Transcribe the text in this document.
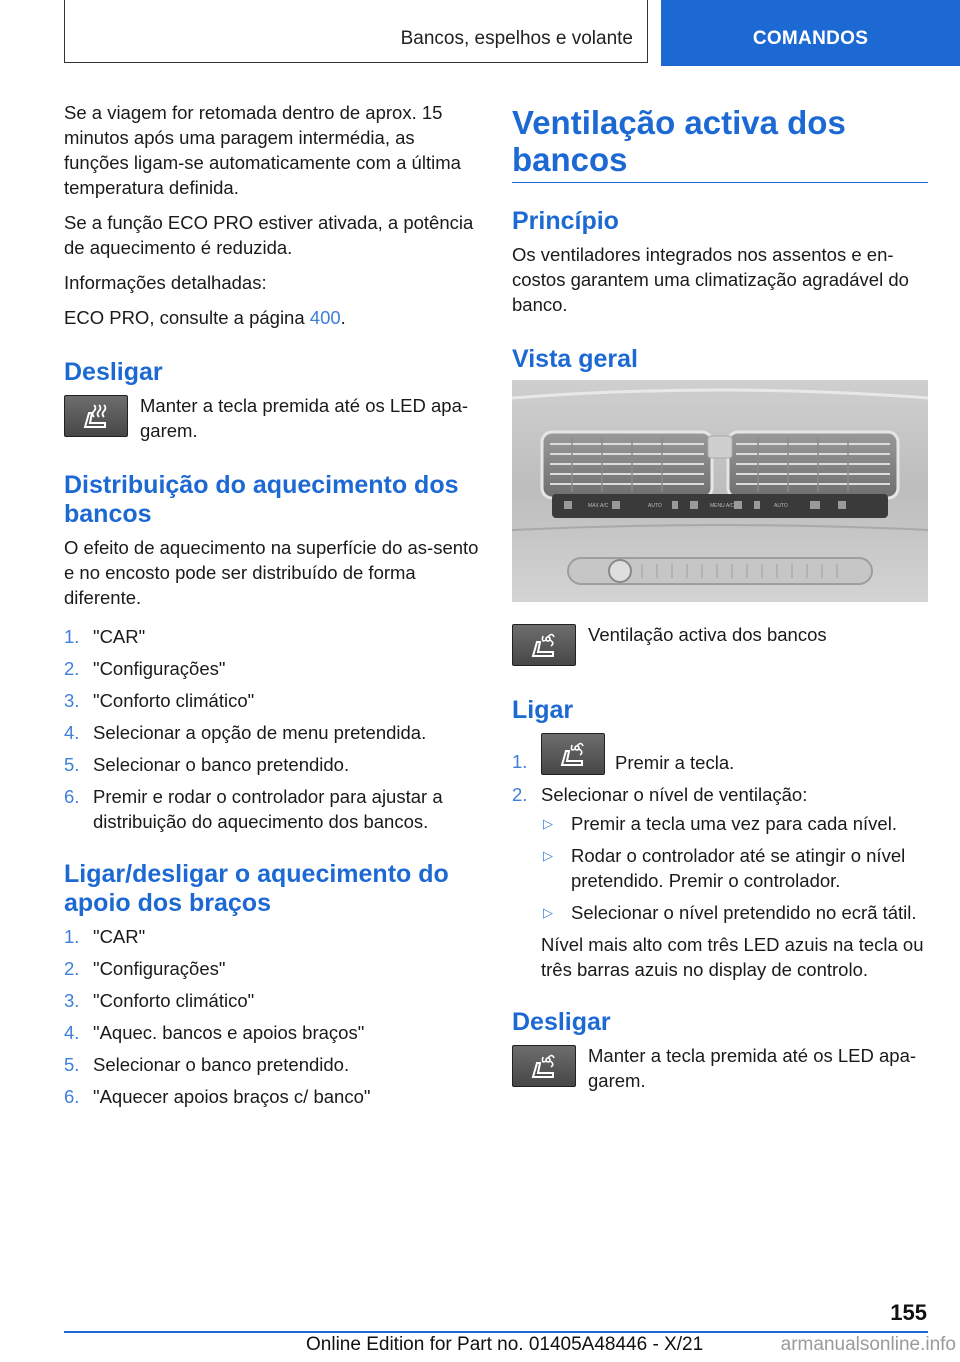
Bancos, espelhos e volante	COMANDOS

Se a viagem for retomada dentro de aprox. 15 minutos após uma paragem intermédia, as funções ligam-se automaticamente com a última temperatura definida.

Se a função ECO PRO estiver ativada, a potência de aquecimento é reduzida.

Informações detalhadas:

ECO PRO, consulte a página 400.

Desligar
Manter a tecla premida até os LED apa-garem.
Distribuição do aquecimento dos bancos

O efeito de aquecimento na superfície do as-sento e no encosto pode ser distribuído de forma diferente.

1. "CAR"
2. "Configurações"
3. "Conforto climático"
4. Selecionar a opção de menu pretendida.
5. Selecionar o banco pretendido.
6. Premir e rodar o controlador para ajustar a distribuição do aquecimento dos bancos.
Ligar/desligar o aquecimento do apoio dos braços
1. "CAR"
2. "Configurações"
3. "Conforto climático"
4. "Aquec. bancos e apoios braços"
5. Selecionar o banco pretendido.
6. "Aquecer apoios braços c/ banco"
Ventilação activa dos bancos
Princípio

Os ventiladores integrados nos assentos e en-costos garantem uma climatização agradável do banco.

Vista geral
MAX A/C	AUTO	MENU A/C	AUTO
Ventilação activa dos bancos
Ligar
1.	Premir a tecla.
2. Selecionar o nível de ventilação:
▷ Premir a tecla uma vez para cada nível.
▷ Rodar o controlador até se atingir o nível pretendido. Premir o controlador.
▷ Selecionar o nível pretendido no ecrã tátil.
Nível mais alto com três LED azuis na tecla ou três barras azuis no display de controlo.
Desligar
Manter a tecla premida até os LED apa-garem.
155
Online Edition for Part no. 01405A48446 - X/21	armanualsonline.info
